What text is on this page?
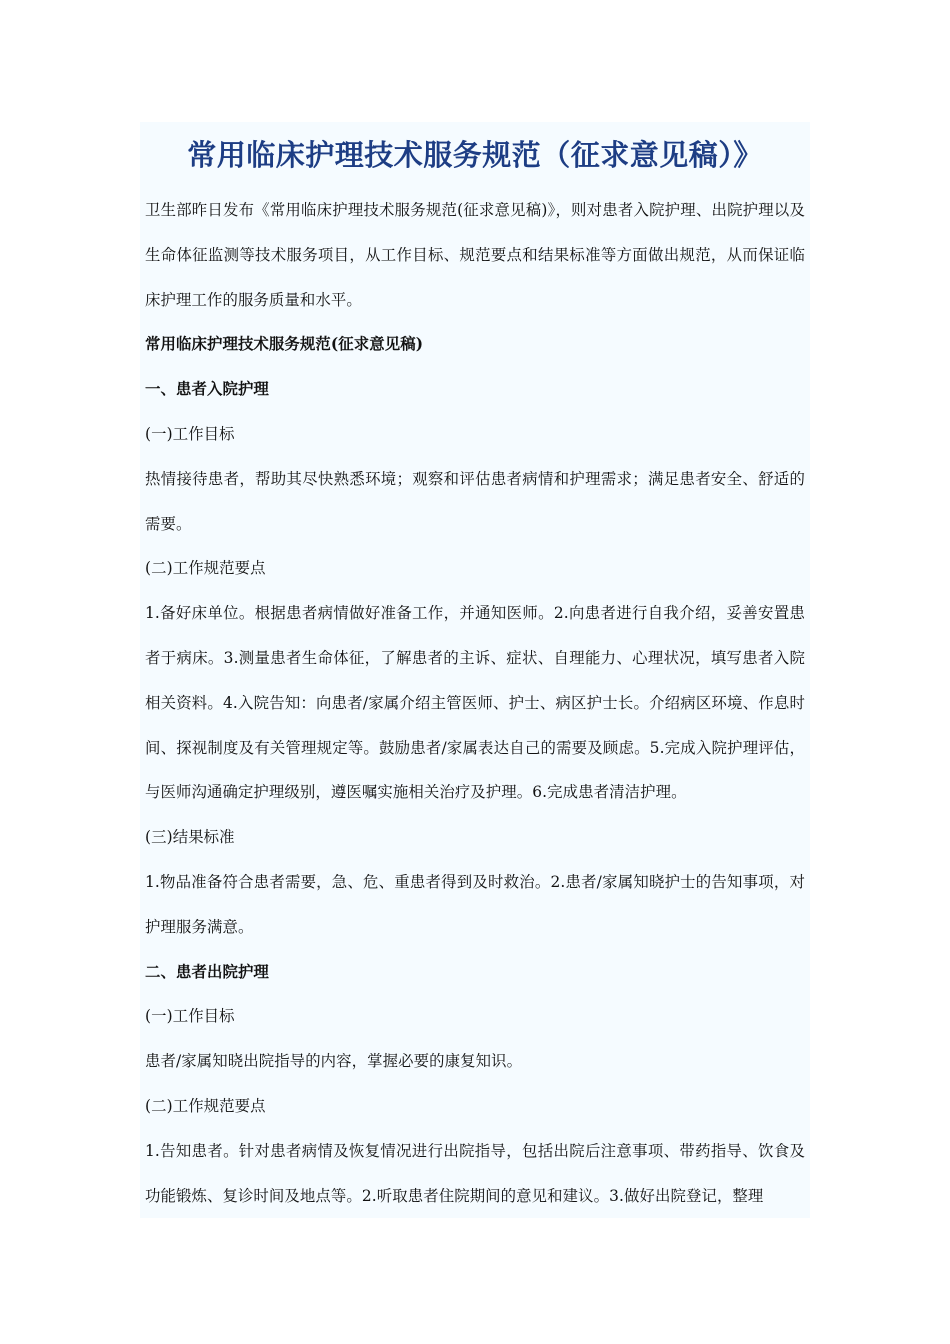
常用临床护理技术服务规范（征求意见稿）》

卫生部昨日发布《常用临床护理技术服务规范(征求意见稿)》，则对患者入院护理、出院护理以及生命体征监测等技术服务项目，从工作目标、规范要点和结果标准等方面做出规范，从而保证临床护理工作的服务质量和水平。

常用临床护理技术服务规范(征求意见稿)

一、患者入院护理

(一)工作目标

热情接待患者，帮助其尽快熟悉环境；观察和评估患者病情和护理需求；满足患者安全、舒适的需要。

(二)工作规范要点

1.备好床单位。根据患者病情做好准备工作，并通知医师。2.向患者进行自我介绍，妥善安置患者于病床。3.测量患者生命体征，了解患者的主诉、症状、自理能力、心理状况，填写患者入院相关资料。4.入院告知：向患者/家属介绍主管医师、护士、病区护士长。介绍病区环境、作息时间、探视制度及有关管理规定等。鼓励患者/家属表达自己的需要及顾虑。5.完成入院护理评估，与医师沟通确定护理级别，遵医嘱实施相关治疗及护理。6.完成患者清洁护理。

(三)结果标准

1.物品准备符合患者需要，急、危、重患者得到及时救治。2.患者/家属知晓护士的告知事项，对护理服务满意。

二、患者出院护理

(一)工作目标

患者/家属知晓出院指导的内容，掌握必要的康复知识。

(二)工作规范要点

1.告知患者。针对患者病情及恢复情况进行出院指导，包括出院后注意事项、带药指导、饮食及功能锻炼、复诊时间及地点等。2.听取患者住院期间的意见和建议。3.做好出院登记，整理
